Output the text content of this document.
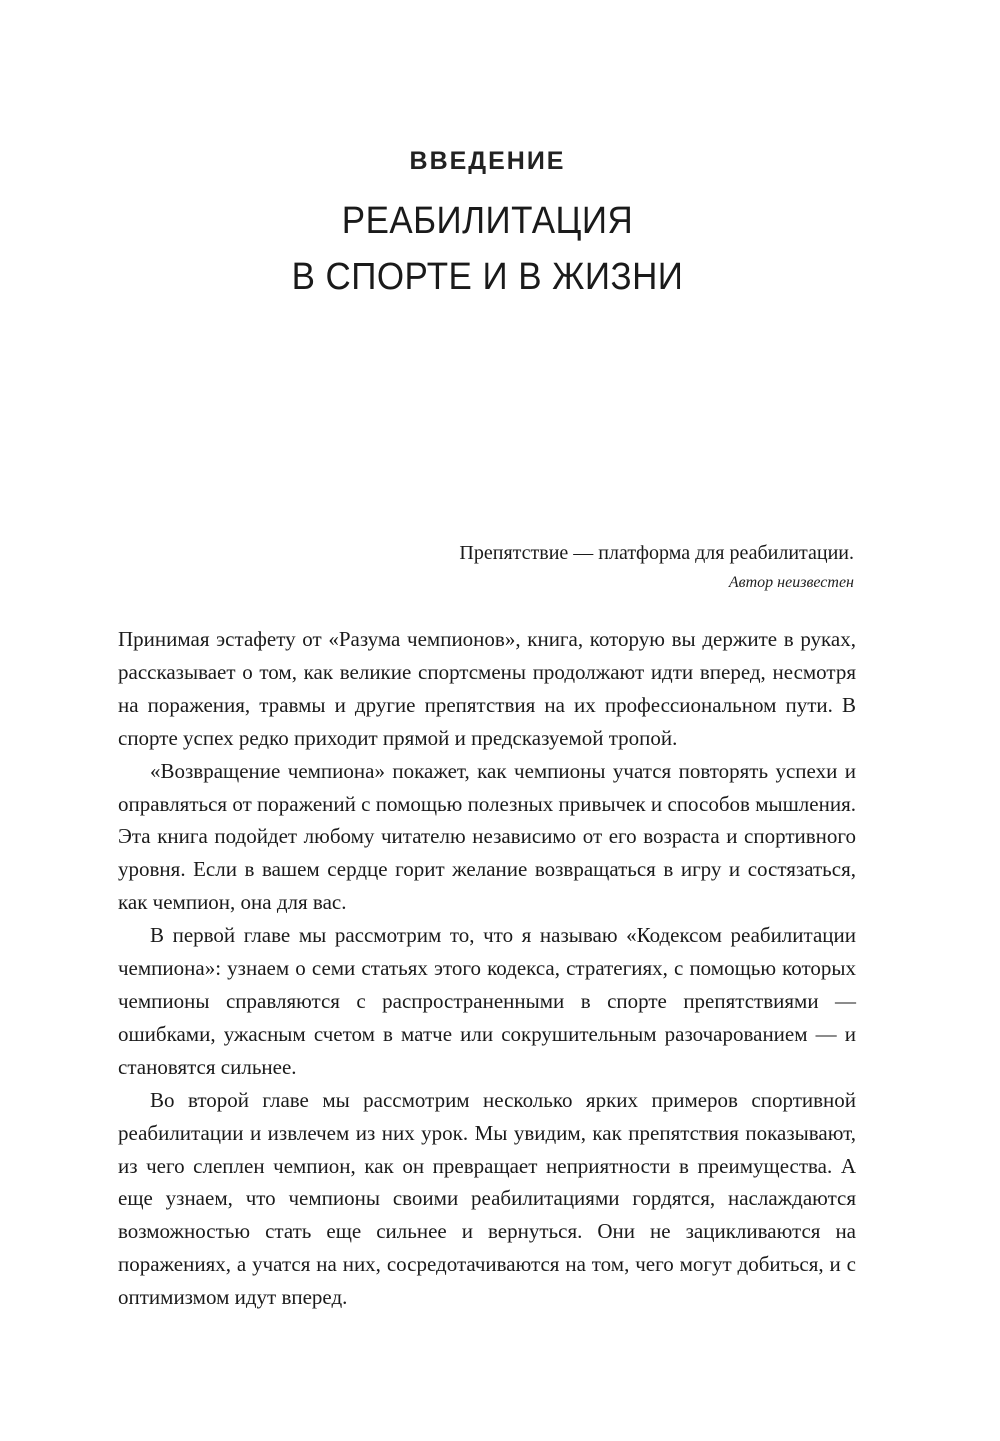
ВВЕДЕНИЕ
РЕАБИЛИТАЦИЯ
В СПОРТЕ И В ЖИЗНИ
Препятствие — платформа для реабилитации.
Автор неизвестен

Принимая эстафету от «Разума чемпионов», книга, которую вы держите в руках, рассказывает о том, как великие спортсмены продолжают идти вперед, несмотря на поражения, травмы и другие препятствия на их профессиональном пути. В спорте успех редко приходит прямой и предсказуемой тропой.

«Возвращение чемпиона» покажет, как чемпионы учатся повторять успехи и оправляться от поражений с помощью полезных привычек и способов мышления. Эта книга подойдет любому читателю независимо от его возраста и спортивного уровня. Если в вашем сердце горит желание возвращаться в игру и состязаться, как чемпион, она для вас.

В первой главе мы рассмотрим то, что я называю «Кодексом реабилитации чемпиона»: узнаем о семи статьях этого кодекса, стратегиях, с помощью которых чемпионы справляются с распространенными в спорте препятствиями — ошибками, ужасным счетом в матче или сокрушительным разочарованием — и становятся сильнее.

Во второй главе мы рассмотрим несколько ярких примеров спортивной реабилитации и извлечем из них урок. Мы увидим, как препятствия показывают, из чего слеплен чемпион, как он превращает неприятности в преимущества. А еще узнаем, что чемпионы своими реабилитациями гордятся, наслаждаются возможностью стать еще сильнее и вернуться. Они не зацикливаются на поражениях, а учатся на них, сосредотачиваются на том, чего могут добиться, и с оптимизмом идут вперед.
